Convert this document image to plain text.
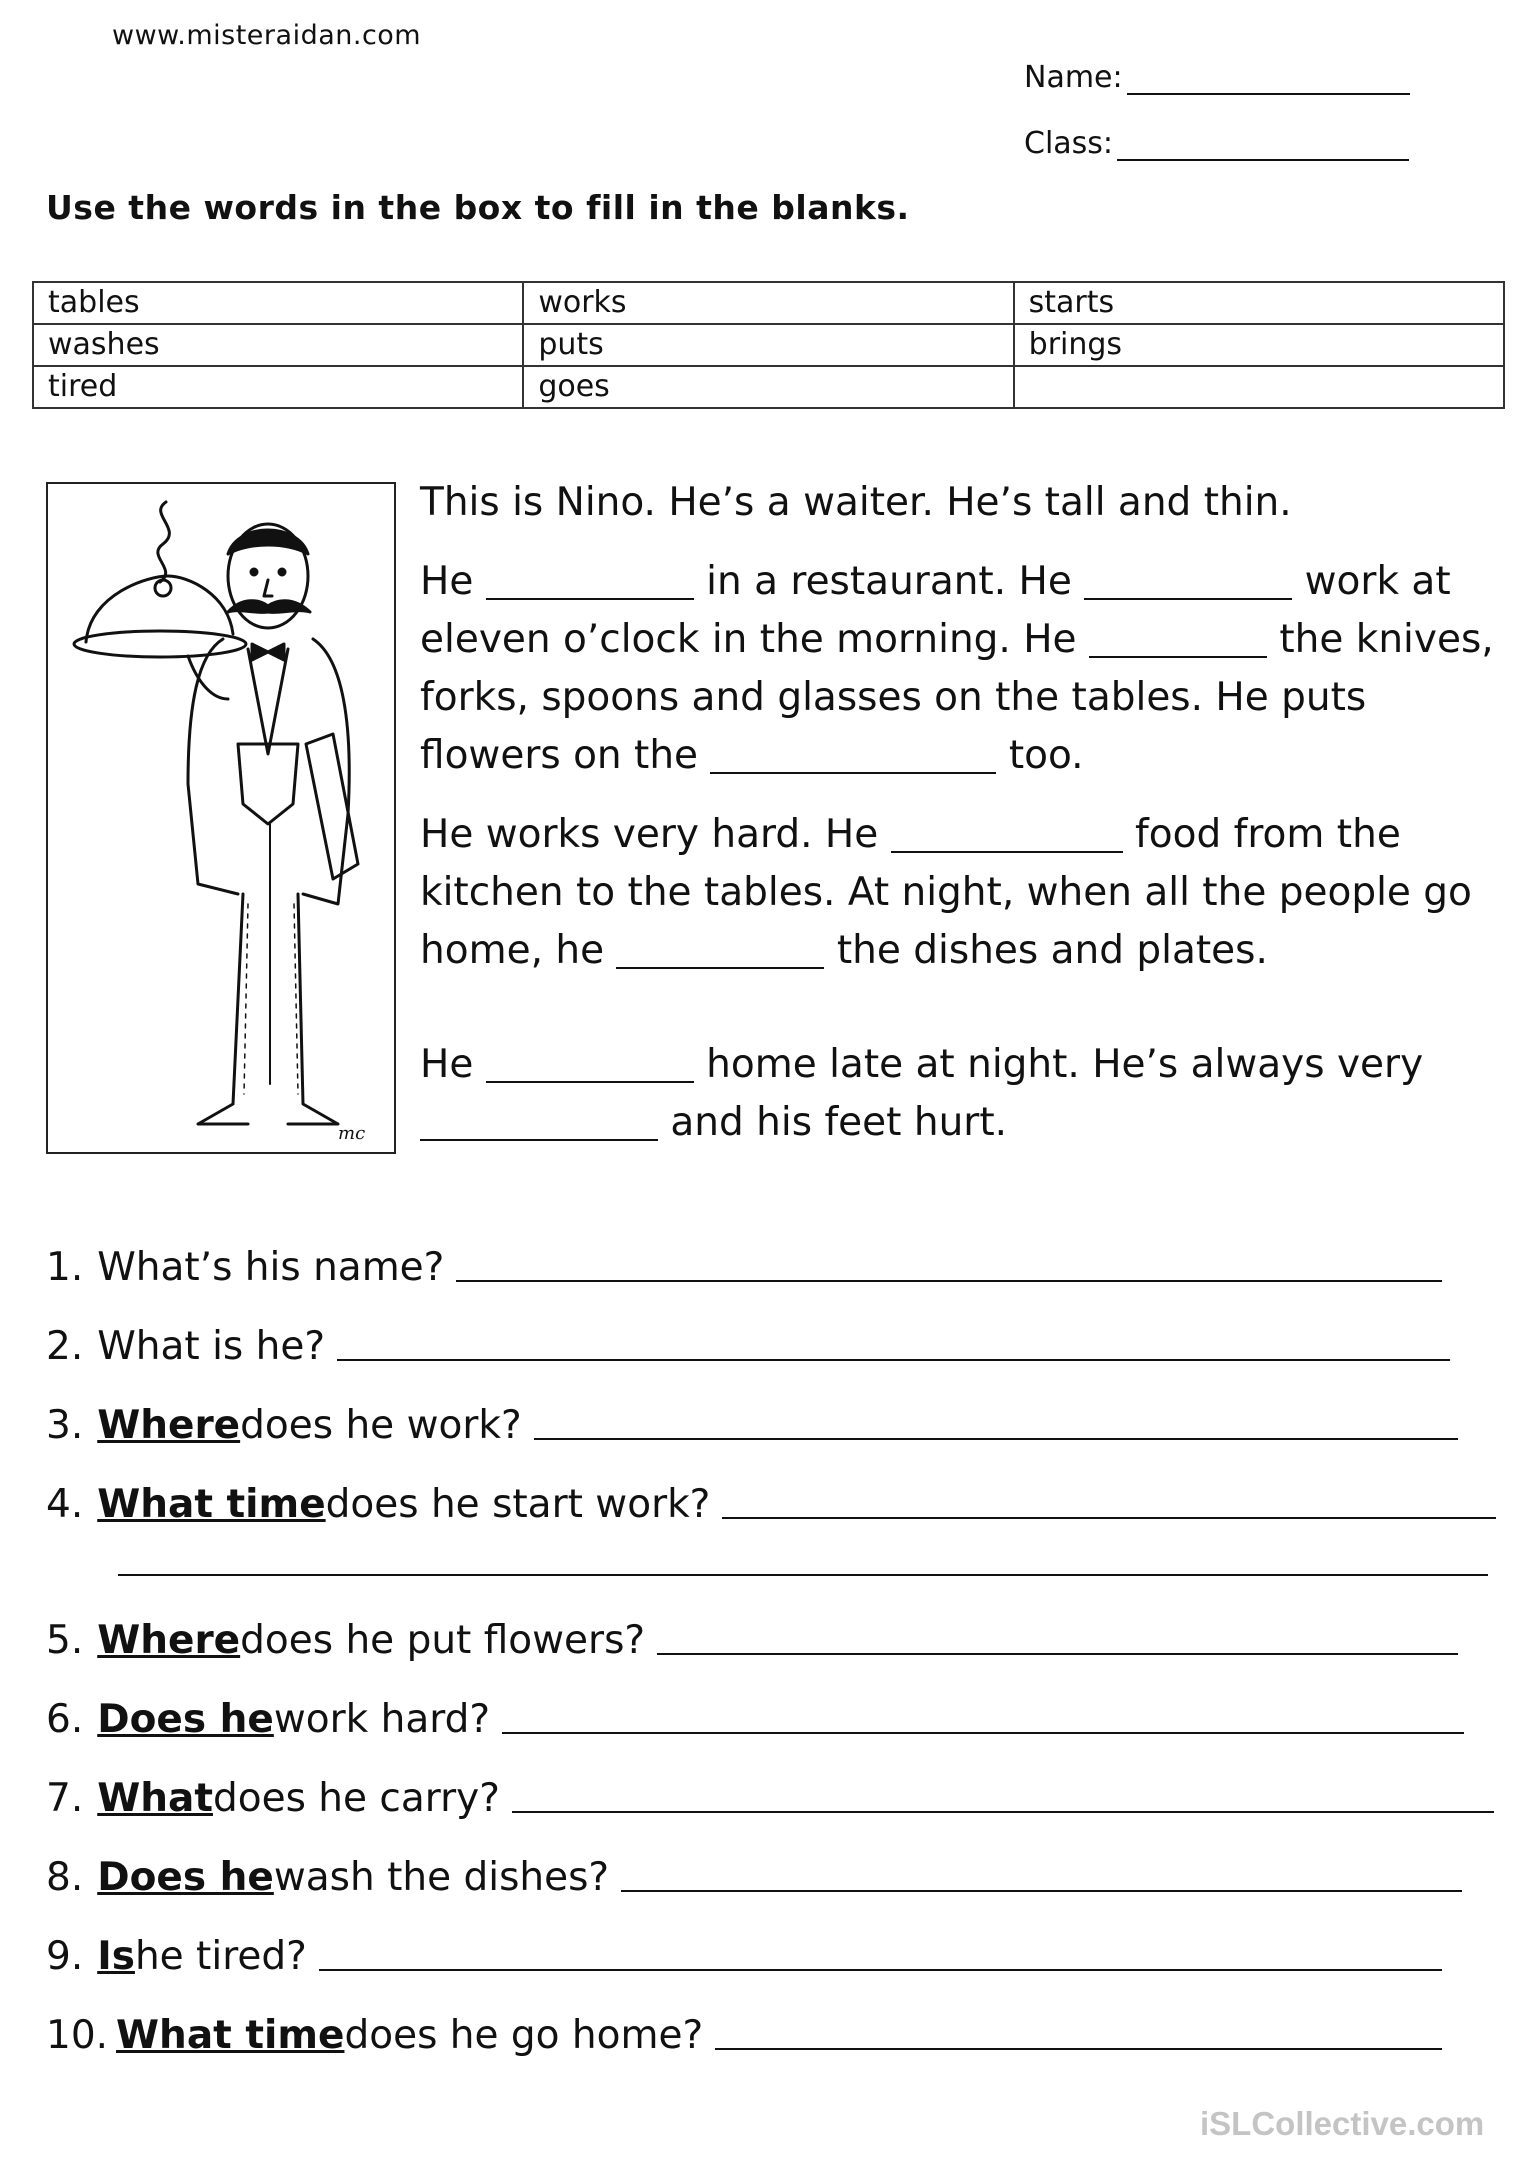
www.misteraidan.com
Name:
Class:
Use the words in the box to fill in the blanks.
tables	works	starts
washes	puts	brings
tired	goes	
mc

This is Nino. He’s a waiter. He’s tall and thin.

He	in a restaurant. He	work at
eleven o’clock in the morning. He	the knives,
forks, spoons and glasses on the tables. He puts
flowers on the	too.

He works very hard. He	food from the
kitchen to the tables. At night, when all the people go
home, he	the dishes and plates.

He	home late at night. He’s always very
and his feet hurt.

1. What’s his name?
2. What is he?
3. Where does he work?
4. What time does he start work?
5. Where does he put flowers?
6. Does he work hard?
7. What does he carry?
8. Does he wash the dishes?
9. Is he tired?
10. What time does he go home?
iSLCollective.com
